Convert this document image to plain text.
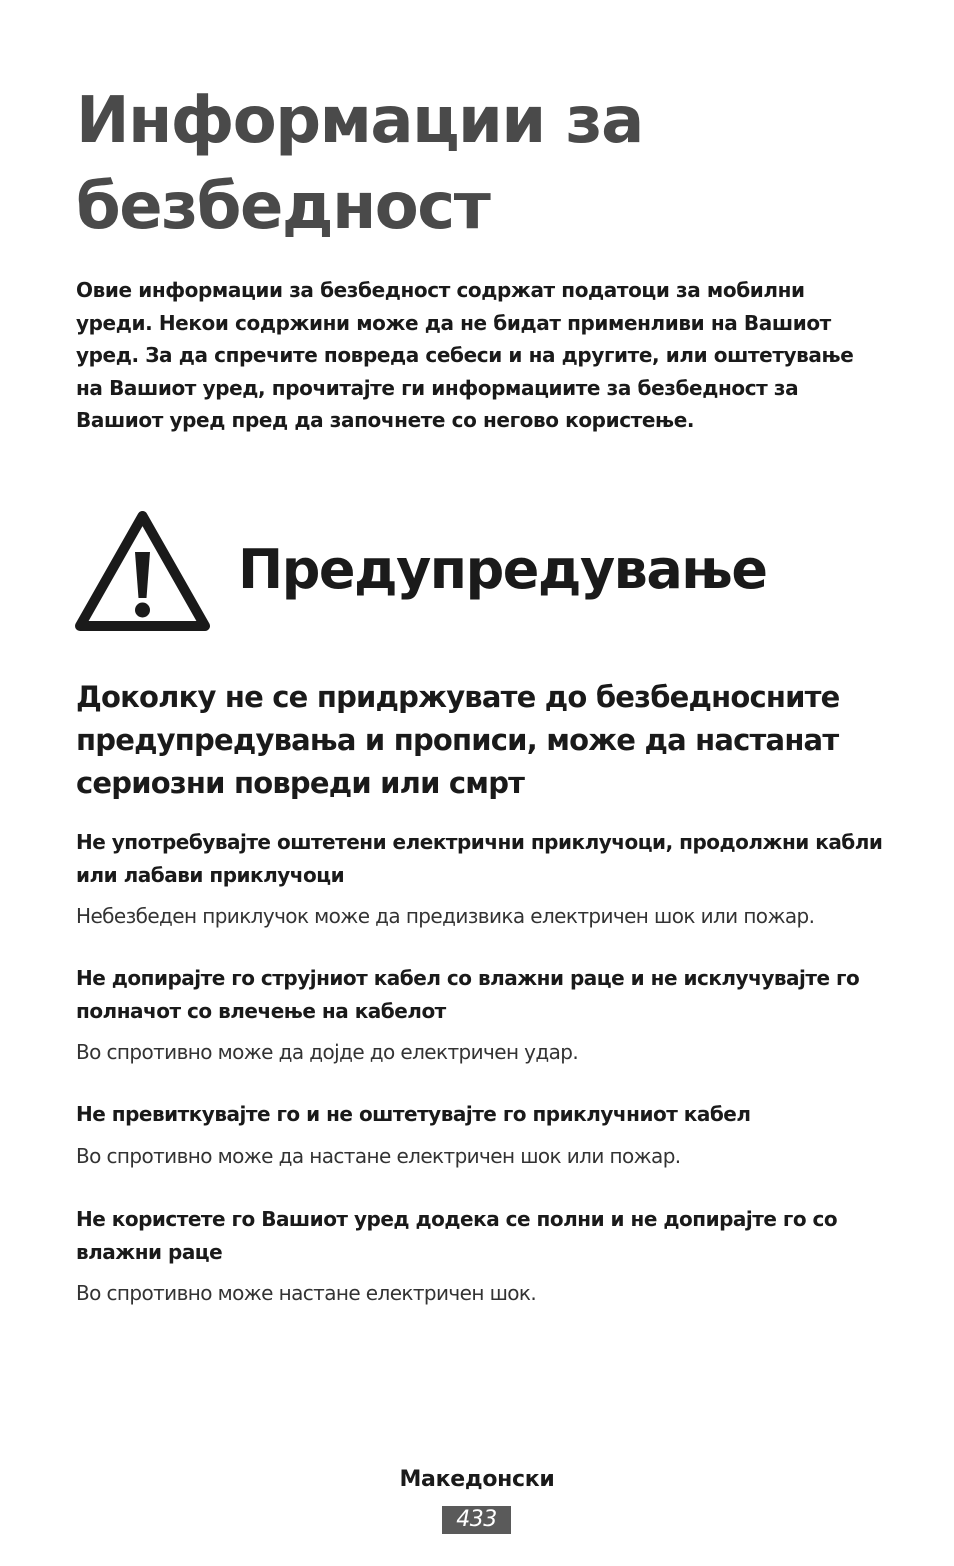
Информации за
безбедност

Овие информации за безбедност содржат податоци за мобилни уреди. Некои содржини може да не бидат применливи на Вашиот уред. За да спречите повреда себеси и на другите, или оштетување на Вашиот уред, прочитајте ги информациите за безбедност за Вашиот уред пред да започнете со негово користење.

Предупредување
Доколку не се придржувате до безбедносните предупредувања и прописи, може да настанат сериозни повреди или смрт

Не употребувајте оштетени електрични приклучоци, продолжни кабли или лабави приклучоци

Небезбеден приклучок може да предизвика електричен шок или пожар.

Не допирајте го струјниот кабел со влажни раце и не исклучувајте го полначот со влечење на кабелот

Во спротивно може да дојде до електричен удар.

Не превиткувајте го и не оштетувајте го приклучниот кабел

Во спротивно може да настане електричен шок или пожар.

Не користете го Вашиот уред додека се полни и не допирајте го со влажни раце

Во спротивно може настане електричен шок.

Македонски
433
